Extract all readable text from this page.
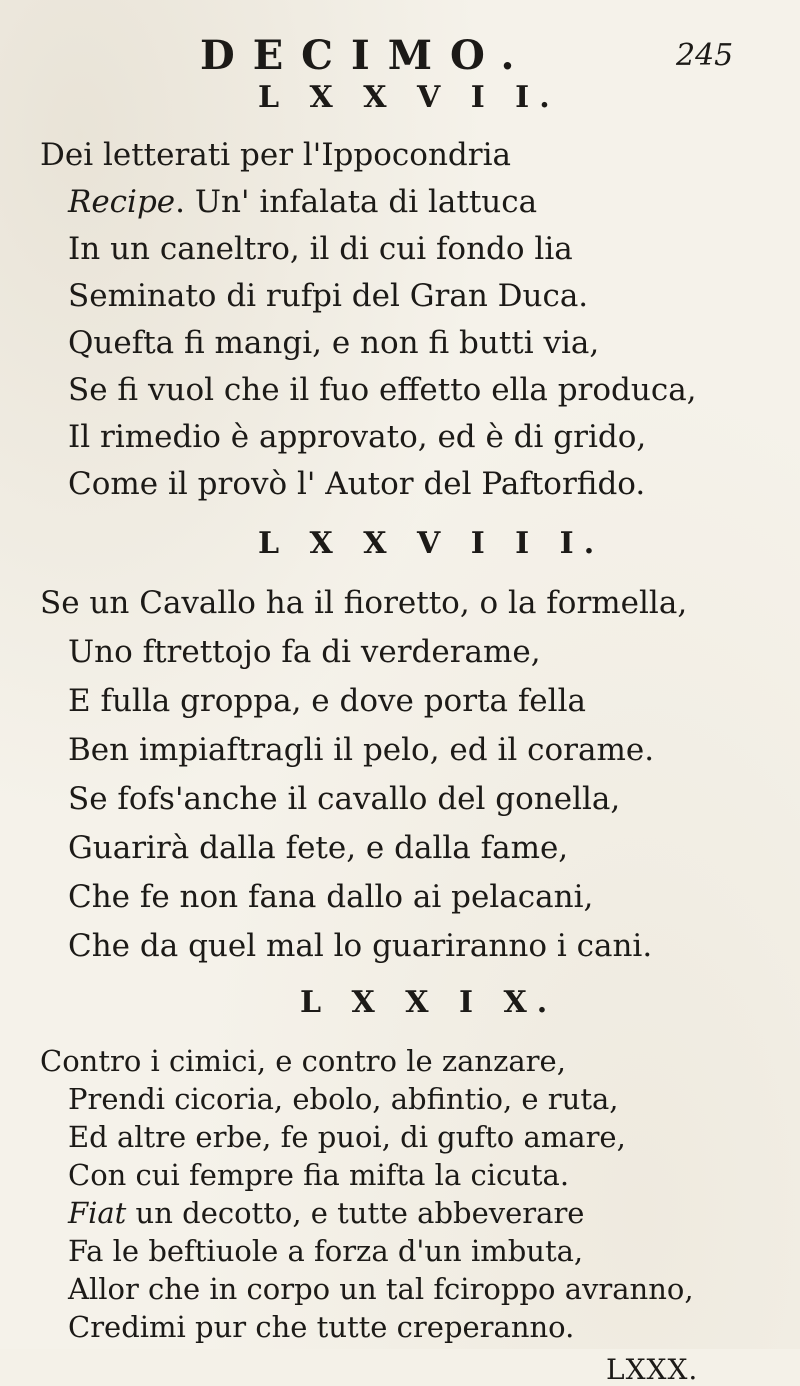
DECIMO.	245
L X X V I I.
Dei letterati per l'Ippocondria
Recipe. Un' infalata di lattuca
In un caneltro, il di cui fondo lia
Seminato di rufpi del Gran Duca.
Quefta fi mangi, e non fi butti via,
Se fi vuol che il fuo effetto ella produca,
Il rimedio è approvato, ed è di grido,
Come il provò l' Autor del Paftorfido.
L X X V I I I.
Se un Cavallo ha il fioretto, o la formella,
Uno ftrettojo fa di verderame,
E fulla groppa, e dove porta fella
Ben impiaftragli il pelo, ed il corame.
Se fofs'anche il cavallo del gonella,
Guarirà dalla fete, e dalla fame,
Che fe non fana dallo ai pelacani,
Che da quel mal lo guariranno i cani.
L X X I X.
Contro i cimici, e contro le zanzare,
Prendi cicoria, ebolo, abfintio, e ruta,
Ed altre erbe, fe puoi, di gufto amare,
Con cui fempre fia mifta la cicuta.
Fiat un decotto, e tutte abbeverare
Fa le beftiuole a forza d'un imbuta,
Allor che in corpo un tal fciroppo avranno,
Credimi pur che tutte creperanno.
LXXX.
